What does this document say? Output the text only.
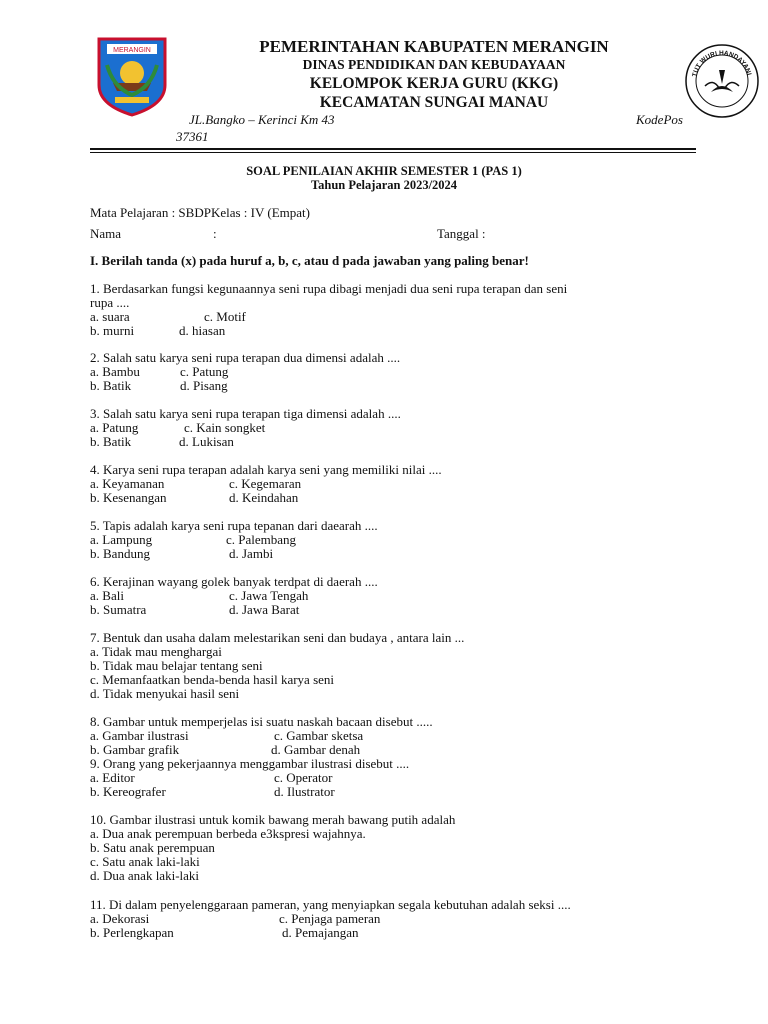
MERANGIN
TUT WURI HANDAYANI
PEMERINTAHAN KABUPATEN MERANGIN
DINAS PENDIDIKAN DAN KEBUDAYAAN
KELOMPOK KERJA GURU (KKG)
KECAMATAN SUNGAI MANAU
JL.Bangko – Kerinci Km 43	KodePos
37361
SOAL PENILAIAN AKHIR SEMESTER 1 (PAS 1)
Tahun Pelajaran 2023/2024
Mata Pelajaran : SBDPKelas : IV (Empat)
Nama	:	Tanggal :
I. Berilah tanda (x) pada huruf a, b, c, atau d pada jawaban yang paling benar!
1. Berdasarkan fungsi kegunaannya seni rupa dibagi menjadi dua seni rupa terapan dan seni
rupa ....
a. suara	c. Motif
b. murni	d. hiasan
2. Salah satu karya seni rupa terapan dua dimensi adalah ....
a. Bambu	c. Patung
b. Batik	d. Pisang
3. Salah satu karya seni rupa terapan tiga dimensi adalah ....
a. Patung	c. Kain songket
b. Batik	d. Lukisan
4. Karya seni rupa terapan adalah karya seni yang memiliki nilai ....
a. Keyamanan	c. Kegemaran
b. Kesenangan	d. Keindahan
5. Tapis adalah karya seni rupa tepanan dari daearah ....
a. Lampung	c. Palembang
b. Bandung	d. Jambi
6. Kerajinan wayang golek banyak terdpat di daerah ....
a. Bali	c. Jawa Tengah
b. Sumatra	d. Jawa Barat
7. Bentuk dan usaha dalam melestarikan seni dan budaya , antara lain ...
a. Tidak mau menghargai
b. Tidak mau belajar tentang seni
c. Memanfaatkan benda-benda hasil karya seni
d. Tidak menyukai hasil seni
8. Gambar untuk memperjelas isi suatu naskah bacaan disebut .....
a. Gambar ilustrasi	c. Gambar sketsa
b. Gambar grafik	d. Gambar denah
9. Orang yang pekerjaannya menggambar ilustrasi disebut ....
a. Editor	c. Operator
b. Kereografer	d. Ilustrator
10. Gambar ilustrasi untuk komik bawang merah bawang putih adalah
a. Dua anak perempuan berbeda e3kspresi wajahnya.
b. Satu anak perempuan
c. Satu anak laki-laki
d. Dua anak laki-laki
11. Di dalam penyelenggaraan pameran, yang menyiapkan segala kebutuhan adalah seksi ....
a. Dekorasi	c. Penjaga pameran
b. Perlengkapan	d. Pemajangan
